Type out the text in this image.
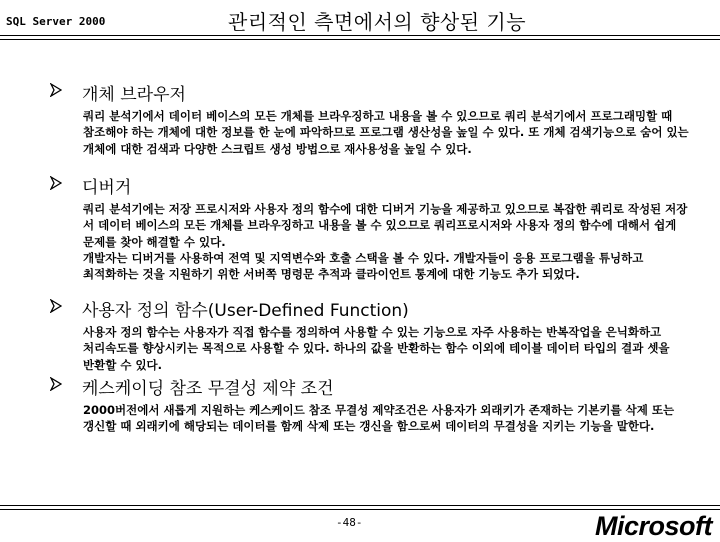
SQL Server 2000	관리적인 측면에서의 향상된 기능
개체 브라우저
쿼리 분석기에서 데이터 베이스의 모든 개체를 브라우징하고 내용을 볼 수 있으므로 쿼리 분석기에서 프로그래밍할 때 참조해야 하는 개체에 대한 정보를 한 눈에 파악하므로 프로그램 생산성을 높일 수 있다. 또 개체 검색기능으로 숨어 있는 개체에 대한 검색과 다양한 스크립트 생성 방법으로 재사용성을 높일 수 있다.
디버거
쿼리 분석기에는 저장 프로시저와 사용자 정의 함수에 대한 디버거 기능을 제공하고 있으므로 복잡한 쿼리로 작성된 저장 서 데이터 베이스의 모든 개체를 브라우징하고 내용을 볼 수 있으므로 쿼리프로시저와 사용자 정의 함수에 대해서 쉽게 문제를 찾아 해결할 수 있다.
개발자는 디버거를 사용하여 전역 및 지역변수와 호출 스택을 볼 수 있다. 개발자들이 응용 프로그램을 튜닝하고 최적화하는 것을 지원하기 위한 서버쪽 명령문 추적과 클라이언트 통계에 대한 기능도 추가 되었다.
사용자 정의 함수(User-Defined Function)
사용자 정의 함수는 사용자가 직접 함수를 정의하여 사용할 수 있는 기능으로 자주 사용하는 반복작업을 은닉화하고 처리속도를 향상시키는 목적으로 사용할 수 있다. 하나의 값을 반환하는 함수 이외에 테이블 데이터 타입의 결과 셋을 반환할 수 있다.
케스케이딩 참조 무결성 제약 조건
2000버전에서 새롭게 지원하는 케스케이드 참조 무결성 제약조건은 사용자가 외래키가 존재하는 기본키를 삭제 또는 갱신할 때 외래키에 해당되는 데이터를 함께 삭제 또는 갱신을 함으로써 데이터의 무결성을 지키는 기능을 말한다.
-48-	Microsoft
